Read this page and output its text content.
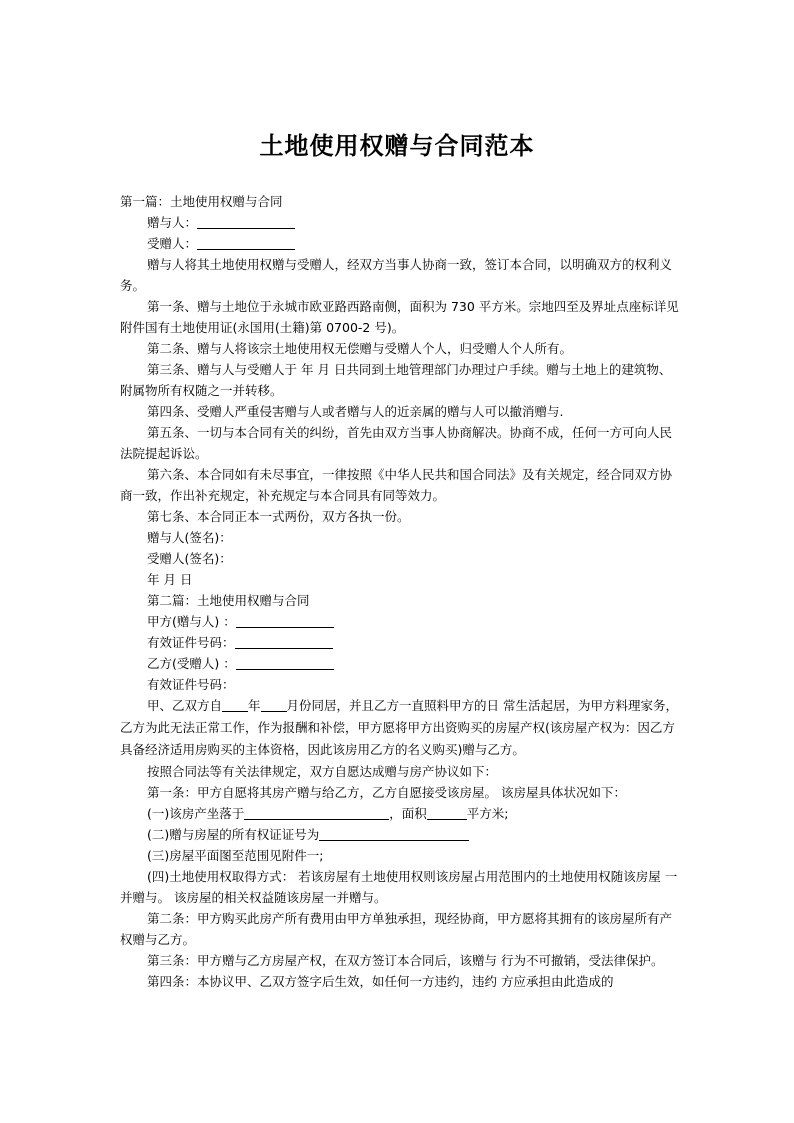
土地使用权赠与合同范本

第一篇：土地使用权赠与合同

赠与人：

受赠人：

赠与人将其土地使用权赠与受赠人，经双方当事人协商一致，签订本合同，以明确双方的权利义务。

第一条、赠与土地位于永城市欧亚路西路南侧，面积为 730 平方米。宗地四至及界址点座标详见附件国有土地使用证(永国用(土籍)第 0700-2 号)。

第二条、赠与人将该宗土地使用权无偿赠与受赠人个人，归受赠人个人所有。

第三条、赠与人与受赠人于 年 月 日共同到土地管理部门办理过户手续。赠与土地上的建筑物、附属物所有权随之一并转移。

第四条、受赠人严重侵害赠与人或者赠与人的近亲属的赠与人可以撤消赠与.

第五条、一切与本合同有关的纠纷，首先由双方当事人协商解决。协商不成，任何一方可向人民法院提起诉讼。

第六条、本合同如有未尽事宜，一律按照《中华人民共和国合同法》及有关规定，经合同双方协商一致，作出补充规定，补充规定与本合同具有同等效力。

第七条、本合同正本一式两份，双方各执一份。

赠与人(签名)：

受赠人(签名)：

年 月 日

第二篇：土地使用权赠与合同

甲方(赠与人) ：

有效证件号码：

乙方(受赠人) ：

有效证件号码：

甲、乙双方自 年 月份同居，并且乙方一直照料甲方的日 常生活起居，为甲方料理家务，乙方为此无法正常工作，作为报酬和补偿，甲方愿将甲方出资购买的房屋产权(该房屋产权为：因乙方具备经济适用房购买的主体资格，因此该房用乙方的名义购买)赠与乙方。

按照合同法等有关法律规定，双方自愿达成赠与房产协议如下：

第一条：甲方自愿将其房产赠与给乙方，乙方自愿接受该房屋。 该房屋具体状况如下：

(一)该房产坐落于	，面积	平方米;

(二)赠与房屋的所有权证证号为

(三)房屋平面图至范围见附件一;

(四)土地使用权取得方式： 若该房屋有土地使用权则该房屋占用范围内的土地使用权随该房屋 一并赠与。 该房屋的相关权益随该房屋一并赠与。

第二条：甲方购买此房产所有费用由甲方单独承担，现经协商，甲方愿将其拥有的该房屋所有产权赠与乙方。

第三条：甲方赠与乙方房屋产权，在双方签订本合同后，该赠与 行为不可撤销，受法律保护。

第四条：本协议甲、乙双方签字后生效，如任何一方违约，违约 方应承担由此造成的
